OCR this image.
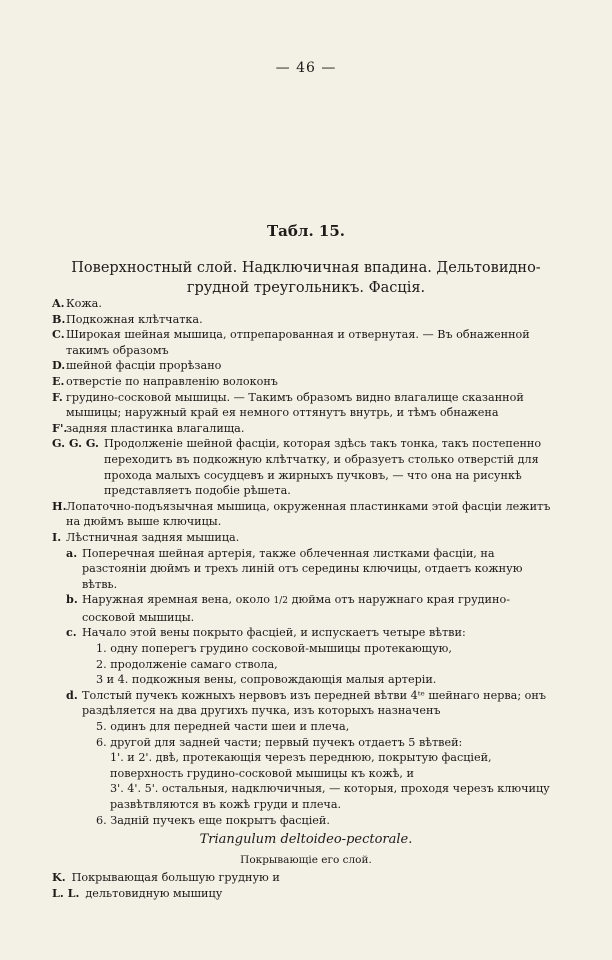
— 46 —
Табл. 15.
Поверхностный слой. Надключичная впадина. Дельтовидно-грудной треугольникъ. Фасція.
A. Кожа.
B. Подкожная клѣтчатка.
C. Широкая шейная мышица, отпрепарованная и отвернутая. — Въ обнаженной такимъ образомъ
D. шейной фасціи прорѣзано
E. отверстіе по направленію волоконъ
F. грудино-сосковой мышицы. — Такимъ образомъ видно влагалище сказанной мышицы; наружный край ея немного оттянутъ внутрь, и тѣмъ обнажена
F'.
задняя пластинка влагалища.
G. G. G. Продолженіе шейной фасціи, которая здѣсь такъ тонка, такъ постепенно переходитъ въ подкожную клѣтчатку, и образуетъ столько отверстій для прохода малыхъ сосудцевъ и жирныхъ пучковъ, — что она на рисункѣ представляетъ подобіе рѣшета.
H. Лопаточно-подъязычная мышица, окруженная пластинками этой фасціи лежитъ на дюймъ выше ключицы.
I. Лѣстничная задняя мышица.
a. Поперечная шейная артерія, также облеченная листками фасціи, на разстояніи дюймъ и трехъ линій отъ середины ключицы, отдаетъ кожную вѣтвь.
b. Наружная яремная вена, около 1/2 дюйма отъ наружнаго края грудино-сосковой мышицы.
c. Начало этой вены покрыто фасціей, и испускаетъ четыре вѣтви:
1. одну поперегъ грудино сосковой-мышицы протекающую,
2. продолженіе самаго ствола,
3 и 4. подкожныя вены, сопровождающія малыя артеріи.
d. Толстый пучекъ кожныхъ нервовъ изъ передней вѣтви 4ᵗᵉ шейнаго нерва; онъ раздѣляется на два другихъ пучка, изъ которыхъ назначенъ
5. одинъ для передней части шеи и плеча,
6. другой для задней части; первый пучекъ отдаетъ 5 вѣтвей:
1'. и 2'. двѣ, протекающія черезъ переднюю, покрытую фасціей, поверхность грудино-сосковой мышицы къ кожѣ, и
3'. 4'. 5'. остальныя, надключичныя, — которыя, проходя черезъ ключицу развѣтвляются въ кожѣ груди и плеча.
6. Задній пучекъ еще покрытъ фасціей.
Triangulum deltoideo-pectorale.
Покрывающіе его слой.
K. Покрывающая большую грудную и
L. L. дельтовидную мышицу
